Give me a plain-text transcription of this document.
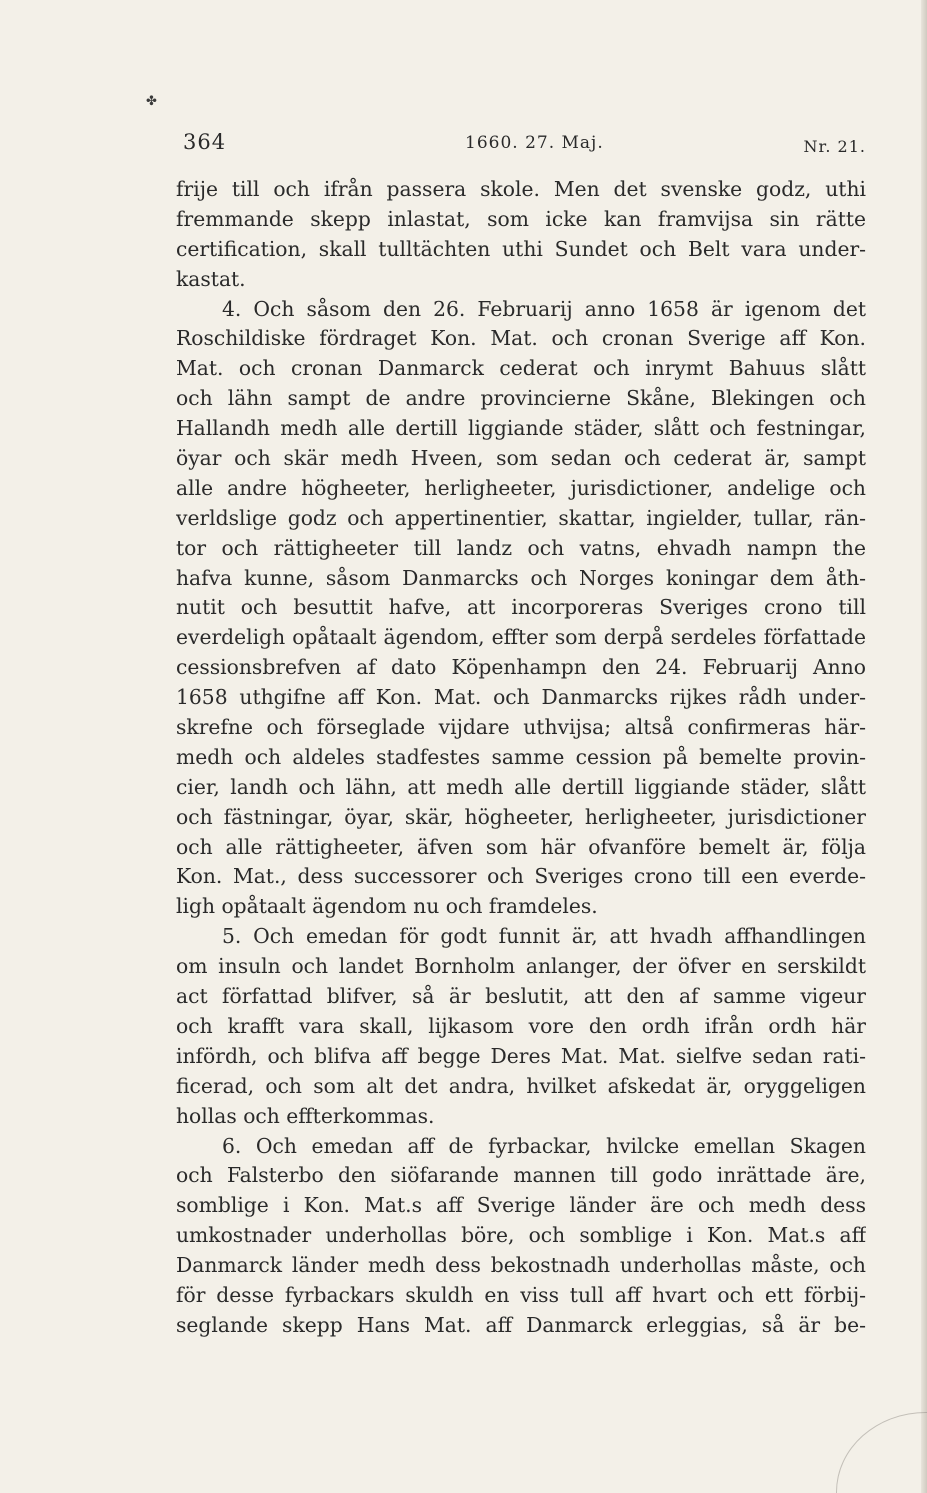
✤
364	1660. 27. Maj.	Nr. 21.
frije till och ifrån passera skole. Men det svenske godz, uthi
fremmande skepp inlastat, som icke kan framvijsa sin rätte
certification, skall tulltächten uthi Sundet och Belt vara under-
kastat.
4. Och såsom den 26. Februarij anno 1658 är igenom det
Roschildiske fördraget Kon. Mat. och cronan Sverige aff Kon.
Mat. och cronan Danmarck cederat och inrymt Bahuus slått
och lähn sampt de andre provincierne Skåne, Blekingen och
Hallandh medh alle dertill liggiande städer, slått och festningar,
öyar och skär medh Hveen, som sedan och cederat är, sampt
alle andre högheeter, herligheeter, jurisdictioner, andelige och
verldslige godz och appertinentier, skattar, ingielder, tullar, rän-
tor och rättigheeter till landz och vatns, ehvadh nampn the
hafva kunne, såsom Danmarcks och Norges koningar dem åth-
nutit och besuttit hafve, att incorporeras Sveriges crono till
everdeligh opåtaalt ägendom, effter som derpå serdeles författade
cessionsbrefven af dato Köpenhampn den 24. Februarij Anno
1658 uthgifne aff Kon. Mat. och Danmarcks rijkes rådh under-
skrefne och förseglade vijdare uthvijsa; altså confirmeras här-
medh och aldeles stadfestes samme cession på bemelte provin-
cier, landh och lähn, att medh alle dertill liggiande städer, slått
och fästningar, öyar, skär, högheeter, herligheeter, jurisdictioner
och alle rättigheeter, äfven som här ofvanföre bemelt är, följa
Kon. Mat., dess successorer och Sveriges crono till een everde-
ligh opåtaalt ägendom nu och framdeles.
5. Och emedan för godt funnit är, att hvadh affhandlingen
om insuln och landet Bornholm anlanger, der öfver en serskildt
act författad blifver, så är beslutit, att den af samme vigeur
och krafft vara skall, lijkasom vore den ordh ifrån ordh här
infördh, och blifva aff begge Deres Mat. Mat. sielfve sedan rati-
ficerad, och som alt det andra, hvilket afskedat är, oryggeligen
hollas och effterkommas.
6. Och emedan aff de fyrbackar, hvilcke emellan Skagen
och Falsterbo den siöfarande mannen till godo inrättade äre,
somblige i Kon. Mat.s aff Sverige länder äre och medh dess
umkostnader underhollas böre, och somblige i Kon. Mat.s aff
Danmarck länder medh dess bekostnadh underhollas måste, och
för desse fyrbackars skuldh en viss tull aff hvart och ett förbij-
seglande skepp Hans Mat. aff Danmarck erleggias, så är be-
